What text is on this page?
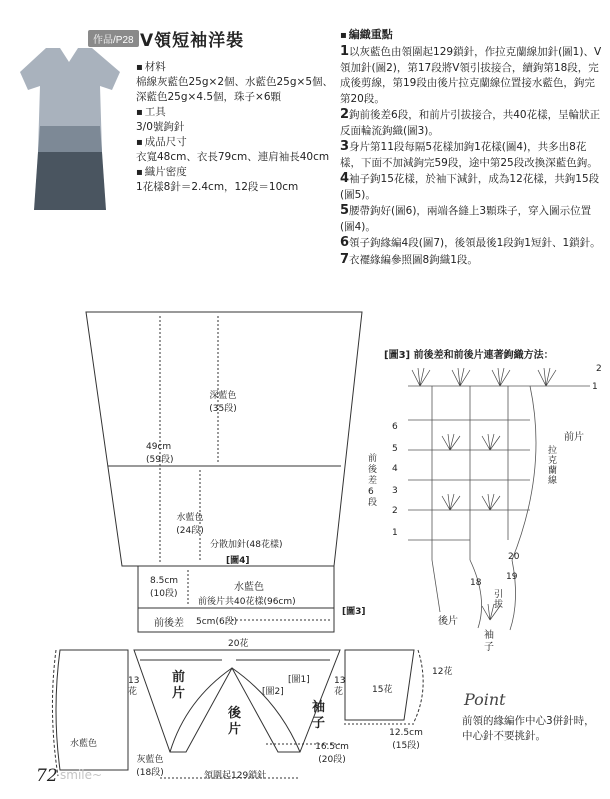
作品/P28 V領短袖洋裝
▪ 材料
棉線灰藍色25g×2個、水藍色25g×5個、深藍色25g×4.5個，珠子×6顆
▪ 工具
3/0號鉤針
▪ 成品尺寸
衣寬48cm、衣長79cm、連肩袖長40cm
▪ 織片密度
1花樣8針＝2.4cm，12段＝10cm
▪ 編織重點
1以灰藍色由領圍起129鎖針，作拉克蘭線加針(圖1)、V領加針(圖2)，第17段將V領引拔接合，續鉤第18段，完成後剪線，第19段由後片拉克蘭線位置接水藍色，鉤完第20段。
2鉤前後差6段，和前片引拔接合，共40花樣，呈輪狀正反面輪流鉤織(圖3)。
3身片第11段每隔5花樣加鉤1花樣(圖4)，共多出8花樣，下面不加減鉤完59段，途中第25段改換深藍色鉤。
4袖子鉤15花樣，於袖下減針，成為12花樣，共鉤15段(圖5)。
5腰帶鉤好(圖6)，兩端各縫上3顆珠子，穿入圖示位置(圖4)。
6領子鉤緣編4段(圖7)，後領最後1段鉤1短針、1鎖針。
7衣襬緣編參照圖8鉤織1段。
深藍色
(35段)
49cm
(59段)
水藍色
(24段)
分散加針(48花樣)
[圖4]
8.5cm
(10段)
水藍色
前後片共40花樣(96cm)
前後差 5cm(6段)
[圖3]
20花
前片
後片
袖子
[圖2]
[圖1]
13花
13花	15花
12花
水藍色
灰藍色
(18段)	領圍起129鎖針
16.5cm
(20段)
12.5cm
(15段)
[圖3] 前後差和前後片連著鉤織方法：
前片
拉克蘭線
前後差6段
2
1
20
19
18
6
5
4
3
2
1
引拔
後片
袖子
Point
前領的緣編作中心3併針時，中心針不要挑針。
72 smile~
